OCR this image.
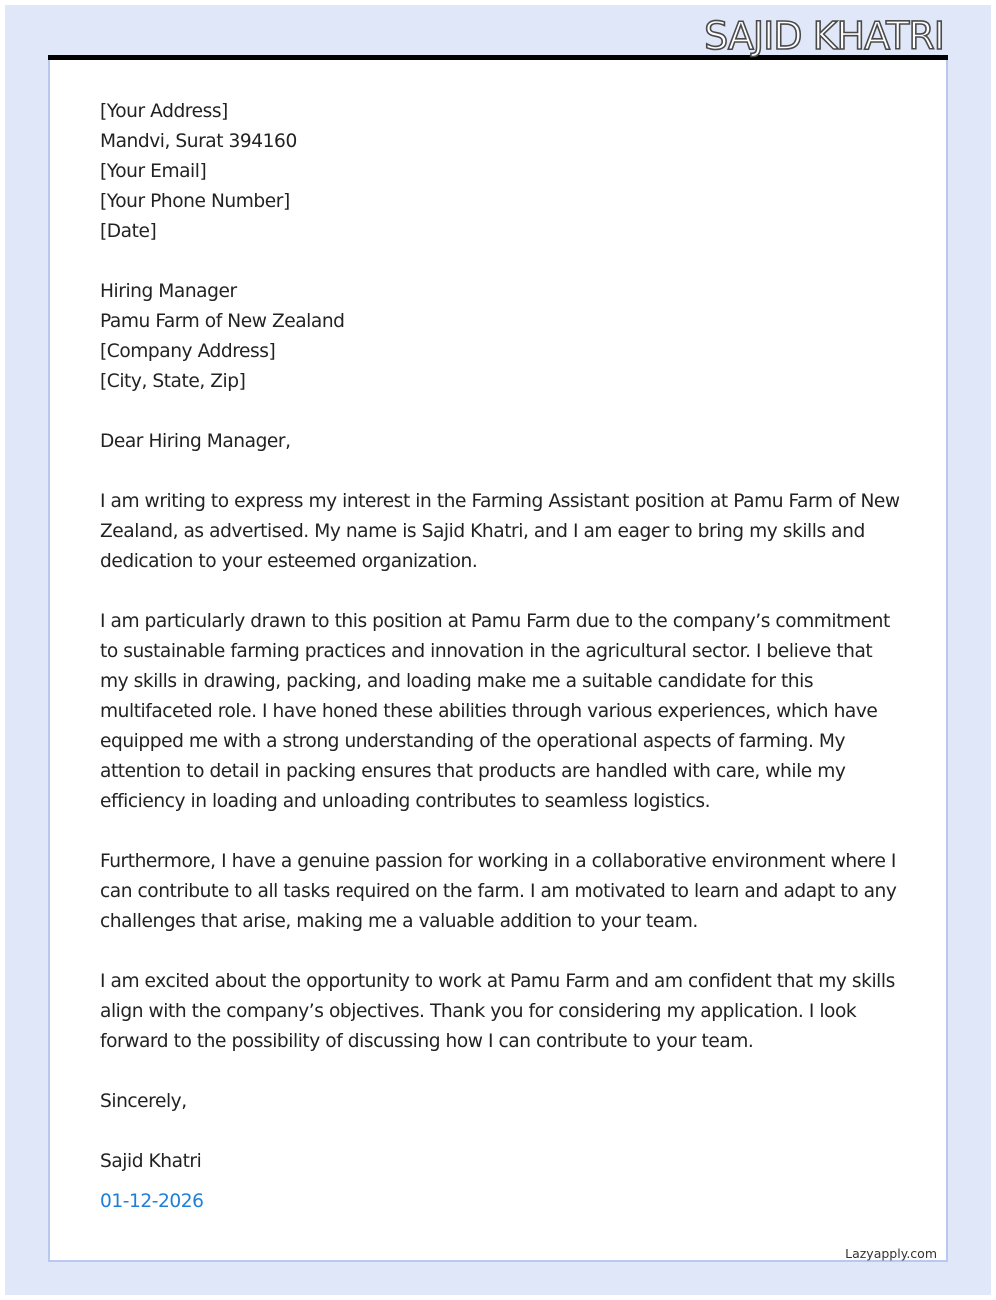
SAJID KHATRI
[Your Address]
Mandvi, Surat 394160
[Your Email]
[Your Phone Number]
[Date]
Hiring Manager
Pamu Farm of New Zealand
[Company Address]
[City, State, Zip]
Dear Hiring Manager,
I am writing to express my interest in the Farming Assistant position at Pamu Farm of New Zealand, as advertised. My name is Sajid Khatri, and I am eager to bring my skills and dedication to your esteemed organization.
I am particularly drawn to this position at Pamu Farm due to the company’s commitment to sustainable farming practices and innovation in the agricultural sector. I believe that my skills in drawing, packing, and loading make me a suitable candidate for this multifaceted role. I have honed these abilities through various experiences, which have equipped me with a strong understanding of the operational aspects of farming. My attention to detail in packing ensures that products are handled with care, while my efficiency in loading and unloading contributes to seamless logistics.
Furthermore, I have a genuine passion for working in a collaborative environment where I can contribute to all tasks required on the farm. I am motivated to learn and adapt to any challenges that arise, making me a valuable addition to your team.
I am excited about the opportunity to work at Pamu Farm and am confident that my skills align with the company’s objectives. Thank you for considering my application. I look forward to the possibility of discussing how I can contribute to your team.
Sincerely,
Sajid Khatri
01-12-2026
Lazyapply.com
